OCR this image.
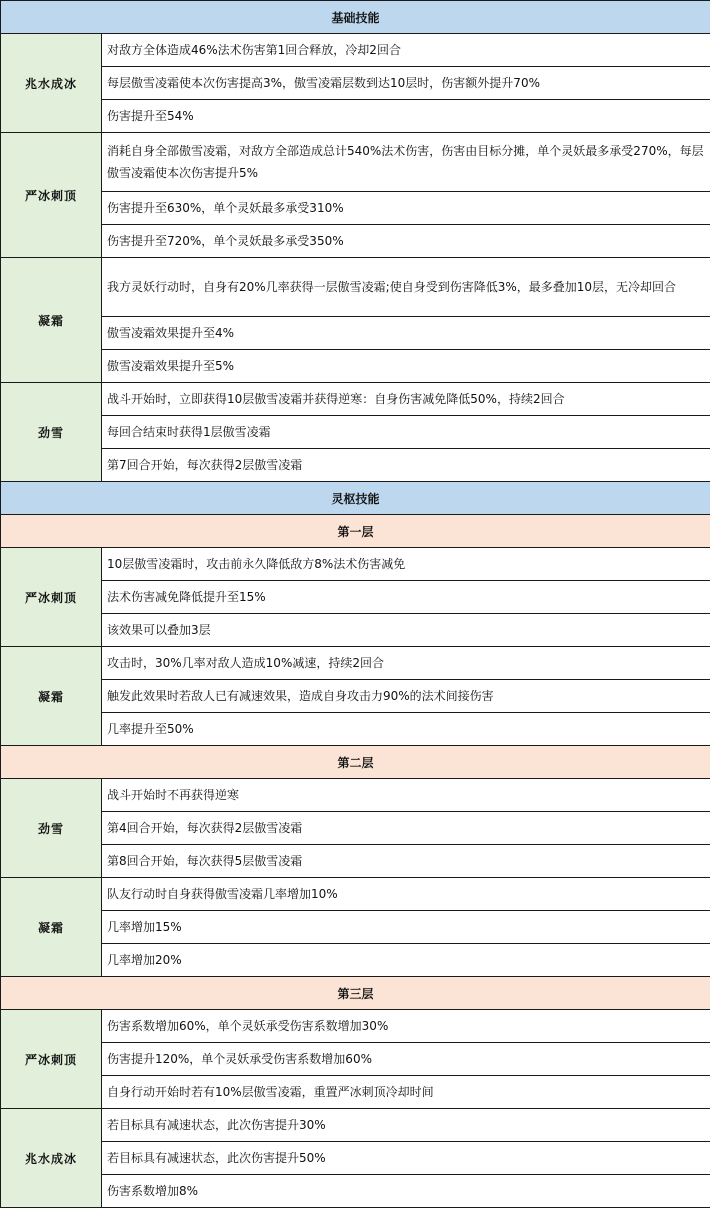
基础技能	
兆水成冰	对敌方全体造成46%法术伤害第1回合释放，冷却2回合
	每层傲雪凌霜使本次伤害提高3%，傲雪凌霜层数到达10层时，伤害额外提升70%
	伤害提升至54%
严冰刺顶	消耗自身全部傲雪凌霜，对敌方全部造成总计540%法术伤害，伤害由目标分摊，单个灵妖最多承受270%，每层傲雪凌霜使本次伤害提升5%
	伤害提升至630%，单个灵妖最多承受310%
	伤害提升至720%，单个灵妖最多承受350%
凝霜	我方灵妖行动时，自身有20%几率获得一层傲雪凌霜;使自身受到伤害降低3%，最多叠加10层，无冷却回合
	傲雪凌霜效果提升至4%
	傲雪凌霜效果提升至5%
劲雪	战斗开始时，立即获得10层傲雪凌霜并获得逆寒：自身伤害减免降低50%，持续2回合
	每回合结束时获得1层傲雪凌霜
	第7回合开始，每次获得2层傲雪凌霜
灵枢技能	
第一层	
严冰刺顶	10层傲雪凌霜时，攻击前永久降低敌方8%法术伤害减免
	法术伤害减免降低提升至15%
	该效果可以叠加3层
凝霜	攻击时，30%几率对敌人造成10%减速，持续2回合
	触发此效果时若敌人已有减速效果，造成自身攻击力90%的法术间接伤害
	几率提升至50%
第二层	
劲雪	战斗开始时不再获得逆寒
	第4回合开始，每次获得2层傲雪凌霜
	第8回合开始，每次获得5层傲雪凌霜
凝霜	队友行动时自身获得傲雪凌霜几率增加10%
	几率增加15%
	几率增加20%
第三层	
严冰刺顶	伤害系数增加60%，单个灵妖承受伤害系数增加30%
	伤害提升120%，单个灵妖承受伤害系数增加60%
	自身行动开始时若有10%层傲雪凌霜，重置严冰刺顶冷却时间
兆水成冰	若目标具有减速状态，此次伤害提升30%
	若目标具有减速状态，此次伤害提升50%
	伤害系数增加8%
